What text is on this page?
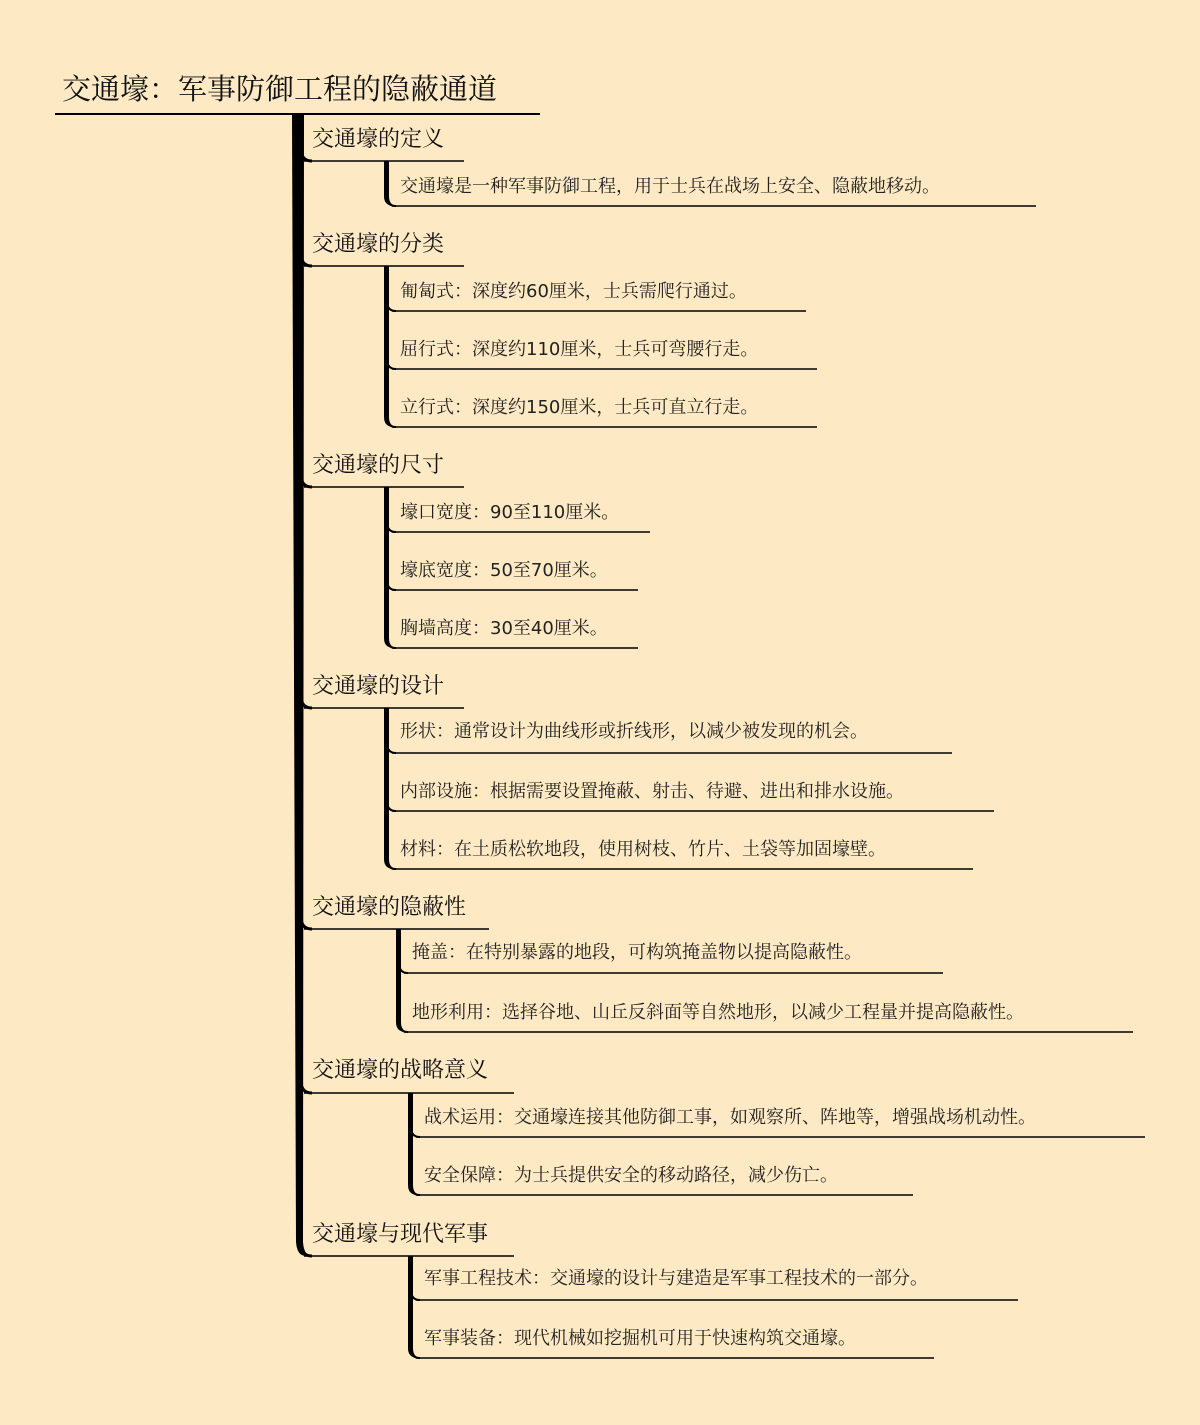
交通壕：军事防御工程的隐蔽通道
交通壕的定义
交通壕是一种军事防御工程，用于士兵在战场上安全、隐蔽地移动。
交通壕的分类
匍匐式：深度约60厘米，士兵需爬行通过。
屈行式：深度约110厘米，士兵可弯腰行走。
立行式：深度约150厘米，士兵可直立行走。
交通壕的尺寸
壕口宽度：90至110厘米。
壕底宽度：50至70厘米。
胸墙高度：30至40厘米。
交通壕的设计
形状：通常设计为曲线形或折线形，以减少被发现的机会。
内部设施：根据需要设置掩蔽、射击、待避、进出和排水设施。
材料：在土质松软地段，使用树枝、竹片、土袋等加固壕壁。
交通壕的隐蔽性
掩盖：在特别暴露的地段，可构筑掩盖物以提高隐蔽性。
地形利用：选择谷地、山丘反斜面等自然地形，以减少工程量并提高隐蔽性。
交通壕的战略意义
战术运用：交通壕连接其他防御工事，如观察所、阵地等，增强战场机动性。
安全保障：为士兵提供安全的移动路径，减少伤亡。
交通壕与现代军事
军事工程技术：交通壕的设计与建造是军事工程技术的一部分。
军事装备：现代机械如挖掘机可用于快速构筑交通壕。
